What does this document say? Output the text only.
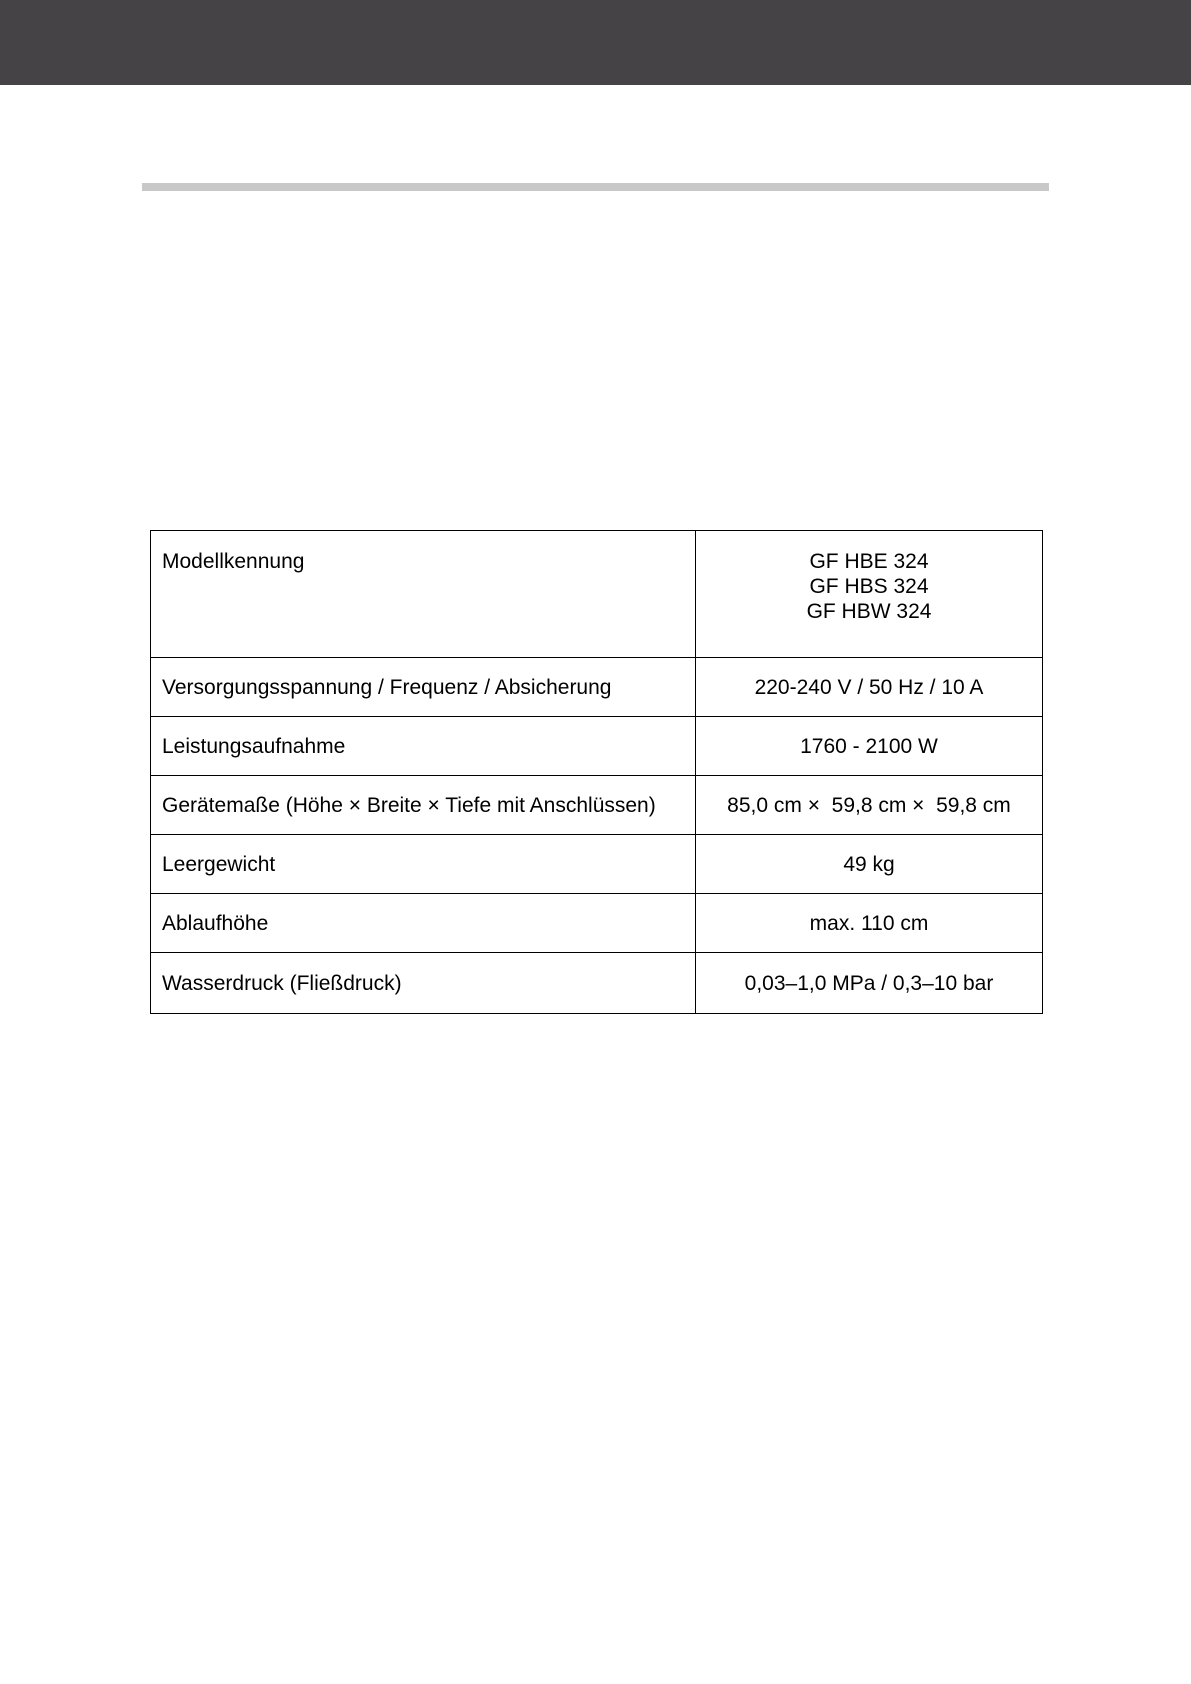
Modellkennung	GF HBE 324
GF HBS 324
GF HBW 324

Versorgungsspannung / Frequenz / Absicherung	220-240 V / 50 Hz / 10 A
Leistungsaufnahme	1760 - 2100 W
Gerätemaße (Höhe × Breite × Tiefe mit Anschlüssen)	85,0 cm ×  59,8 cm ×  59,8 cm
Leergewicht	49 kg
Ablaufhöhe	max. 110 cm
Wasserdruck (Fließdruck)	0,03–1,0 MPa / 0,3–10 bar
